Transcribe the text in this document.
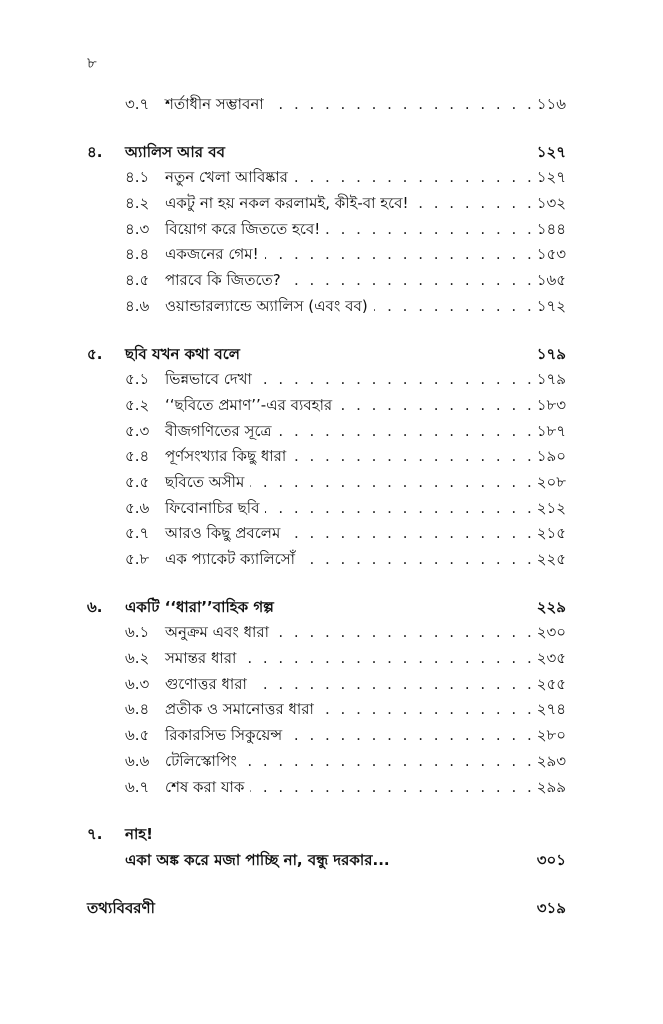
৮
৩.৭	শর্তাধীন সম্ভাবনা . . .	১১৬
৪.	অ্যালিস আর বব	১২৭
৪.১	নতুন খেলা আবিষ্কার . . .	১২৭
৪.২	একটু না হয় নকল করলামই, কীই-বা হবে! . . .	১৩২
৪.৩	বিয়োগ করে জিততে হবে! . . .	১৪৪
৪.৪	একজনের গেম! . . .	১৫৩
৪.৫	পারবে কি জিততে? . . .	১৬৫
৪.৬	ওয়ান্ডারল্যান্ডে অ্যালিস (এবং বব) . . .	১৭২
৫.	ছবি যখন কথা বলে	১৭৯
৫.১	ভিন্নভাবে দেখা . . .	১৭৯
৫.২	‘‘ছবিতে প্রমাণ’’-এর ব্যবহার . . .	১৮৩
৫.৩	বীজগণিতের সূত্রে . . .	১৮৭
৫.৪	পূর্ণসংখ্যার কিছু ধারা . . .	১৯০
৫.৫	ছবিতে অসীম . . .	২০৮
৫.৬	ফিবোনাচির ছবি . . .	২১২
৫.৭	আরও কিছু প্রবলেম . . .	২১৫
৫.৮	এক প্যাকেট ক্যালিসোঁ . . .	২২৫
৬.	একটি ‘‘ধারা’’বাহিক গল্প	২২৯
৬.১	অনুক্রম এবং ধারা . . .	২৩০
৬.২	সমান্তর ধারা . . .	২৩৫
৬.৩	গুণোত্তর ধারা . . .	২৫৫
৬.৪	প্রতীক ও সমানোত্তর ধারা . . .	২৭৪
৬.৫	রিকারসিভ সিকুয়েন্স . . .	২৮০
৬.৬	টেলিস্কোপিং . . .	২৯৩
৬.৭	শেষ করা যাক . . .	২৯৯
৭.	নাহ!
একা অঙ্ক করে মজা পাচ্ছি না, বন্ধু দরকার...	৩০১
তথ্যবিবরণী	৩১৯
